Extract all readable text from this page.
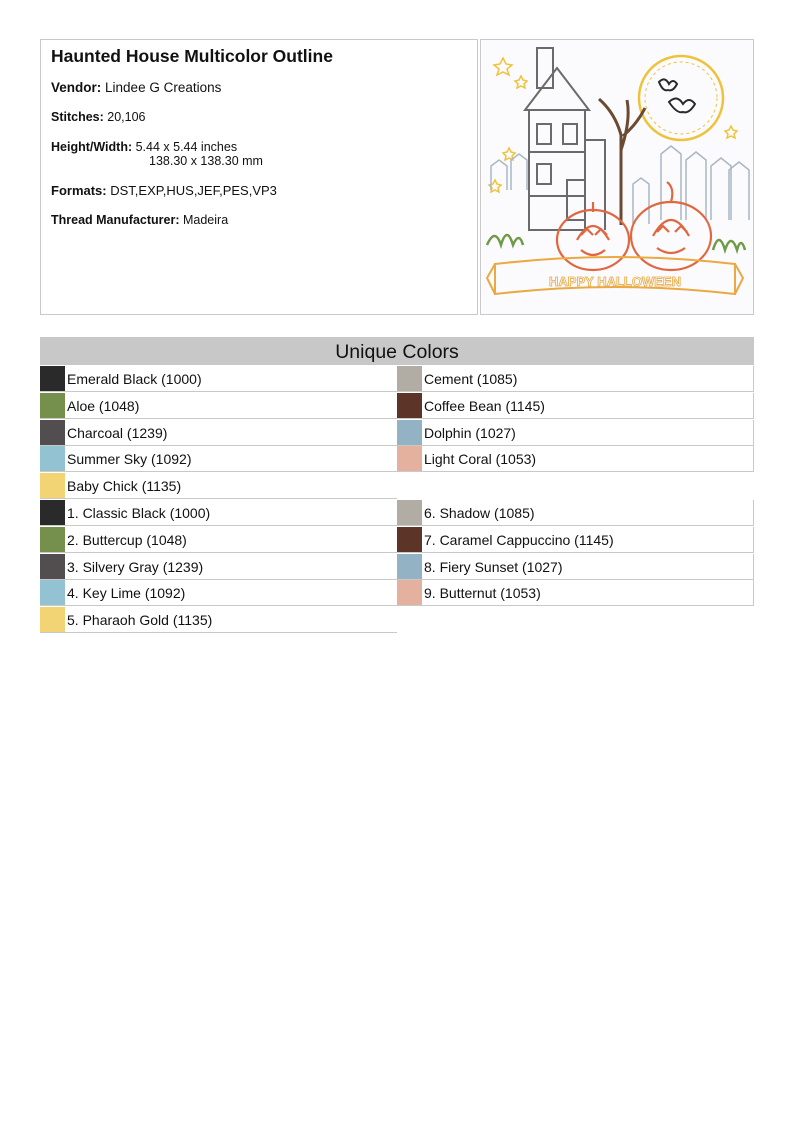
Haunted House Multicolor Outline
Vendor: Lindee G Creations
Stitches: 20,106
Height/Width: 5.44 x 5.44 inches
138.30 x 138.30 mm
Formats: DST,EXP,HUS,JEF,PES,VP3
Thread Manufacturer: Madeira
HAPPY HALLOWEEN
Unique Colors
Emerald Black (1000)	Cement (1085)
Aloe (1048)	Coffee Bean (1145)
Charcoal (1239)	Dolphin (1027)
Summer Sky (1092)	Light Coral (1053)
Baby Chick (1135)
1. Classic Black (1000)	6. Shadow (1085)
2. Buttercup (1048)	7. Caramel Cappuccino (1145)
3. Silvery Gray (1239)	8. Fiery Sunset (1027)
4. Key Lime (1092)	9. Butternut (1053)
5. Pharaoh Gold (1135)
